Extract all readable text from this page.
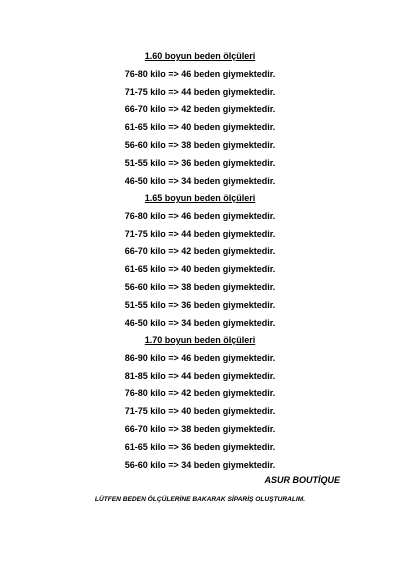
1.60 boyun beden ölçüleri
76-80 kilo => 46 beden giymektedir.
71-75 kilo => 44 beden giymektedir.
66-70 kilo => 42 beden giymektedir.
61-65 kilo => 40 beden giymektedir.
56-60 kilo => 38 beden giymektedir.
51-55 kilo => 36 beden giymektedir.
46-50 kilo => 34 beden giymektedir.
1.65 boyun beden ölçüleri
76-80 kilo => 46 beden giymektedir.
71-75 kilo => 44 beden giymektedir.
66-70 kilo => 42 beden giymektedir.
61-65 kilo => 40 beden giymektedir.
56-60 kilo => 38 beden giymektedir.
51-55 kilo => 36 beden giymektedir.
46-50 kilo => 34 beden giymektedir.
1.70 boyun beden ölçüleri
86-90 kilo => 46 beden giymektedir.
81-85 kilo => 44 beden giymektedir.
76-80 kilo => 42 beden giymektedir.
71-75 kilo => 40 beden giymektedir.
66-70 kilo => 38 beden giymektedir.
61-65 kilo => 36 beden giymektedir.
56-60 kilo => 34 beden giymektedir.
ASUR BOUTİQUE
LÜTFEN BEDEN ÖLÇÜLERİNE BAKARAK SİPARİŞ OLUŞTURALIM.
